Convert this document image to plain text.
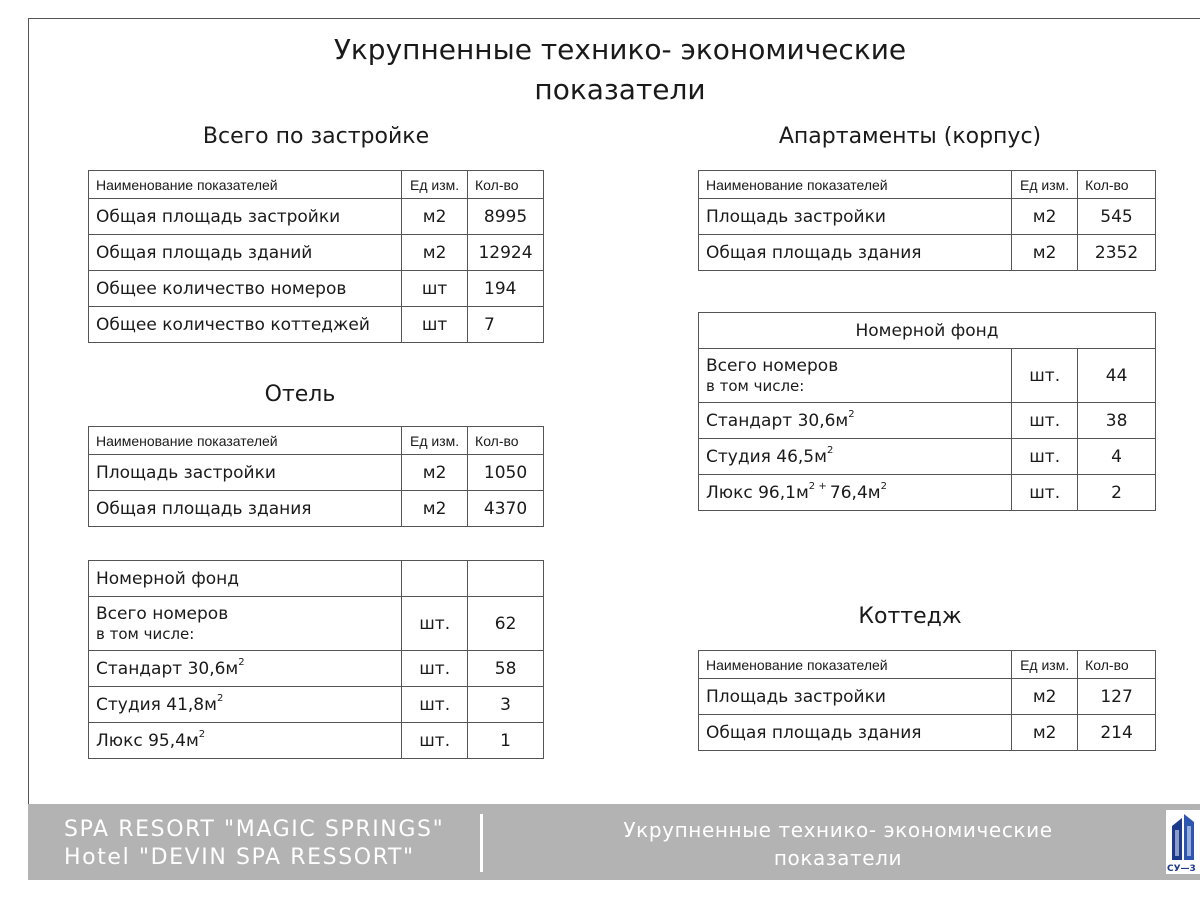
Укрупненные технико- экономические
показатели
Всего по застройке
Наименование показателей	Ед изм.	Кол-во
Общая площадь застройки	м2	8995
Общая площадь зданий	м2	12924
Общее количество номеров	шт	194
Общее количество коттеджей	шт	7
Отель
Наименование показателей	Ед изм.	Кол-во
Площадь застройки	м2	1050
Общая площадь здания	м2	4370
Номерной фонд		

Всего номеров
в том числе:	шт.	62
Стандарт $30,6м^2$	шт.	58
Студия $41,8м^2$	шт.	3
Люкс $95,4м^2$	шт.	1
Апартаменты (корпус)
Наименование показателей	Ед изм.	Кол-во
Площадь застройки	м2	545
Общая площадь здания	м2	2352
Номерной фонд		

Всего номеров
в том числе:	шт.	44
Стандарт $30,6м^2$	шт.	38
Студия $46,5м^2$	шт.	4
Люкс $96,1м^2$ + $76,4м^2$	шт.	2
Коттедж
Наименование показателей	Ед изм.	Кол-во
Площадь застройки	м2	127
Общая площадь здания	м2	214
SPA RESORT "MAGIC SPRINGS"
Hotel "DEVIN SPA RESSORT"
Укрупненные технико- экономические
показатели	СУ—3
